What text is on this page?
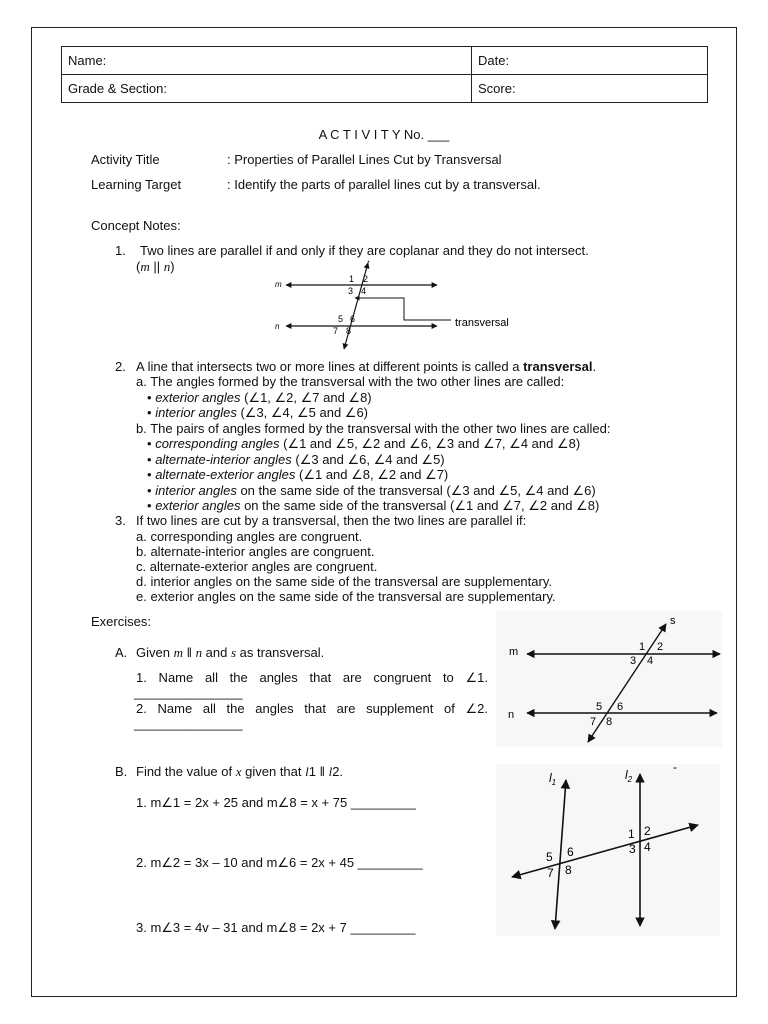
Name:	Date:
Grade & Section:	Score:
A C T I V I T Y No. ___
Activity Title	: Properties of Parallel Lines Cut by Transversal
Learning Target	: Identify the parts of parallel lines cut by a transversal.
Concept Notes:
1. Two lines are parallel if and only if they are coplanar and they do not intersect.
(m || n)
m
n
t
1 2
3 4
5 6
7 8
transversal
2. A line that intersects two or more lines at different points is called a transversal.
a. The angles formed by the transversal with the two other lines are called:
• exterior angles (∠1, ∠2, ∠7 and ∠8)
• interior angles (∠3, ∠4, ∠5 and ∠6)
b. The pairs of angles formed by the transversal with the other two lines are called:
• corresponding angles (∠1 and ∠5, ∠2 and ∠6, ∠3 and ∠7, ∠4 and ∠8)
• alternate-interior angles (∠3 and ∠6, ∠4 and ∠5)
• alternate-exterior angles (∠1 and ∠8, ∠2 and ∠7)
• interior angles on the same side of the transversal (∠3 and ∠5, ∠4 and ∠6)
• exterior angles on the same side of the transversal (∠1 and ∠7, ∠2 and ∠8)
3. If two lines are cut by a transversal, then the two lines are parallel if:
a. corresponding angles are congruent.
b. alternate-interior angles are congruent.
c. alternate-exterior angles are congruent.
d. interior angles on the same side of the transversal are supplementary.
e. exterior angles on the same side of the transversal are supplementary.
Exercises:
A. Given m ‖ n and s as transversal.
1. Name all the angles that are congruent to ∠1.
_______________
2. Name all the angles that are supplement of ∠2.
_______________
s
m
n
1 2
3 4
5 6
7 8
B. Find the value of x given that l1 ‖ l2.
1. m∠1 = 2x + 25 and m∠8 = x + 75 _________
2. m∠2 = 3x – 10 and m∠6 = 2x + 45 _________
3. m∠3 = 4v – 31 and m∠8 = 2x + 7 _________
$l_1$
$l_2$
-
1 2
3 4
5 6
7 8
